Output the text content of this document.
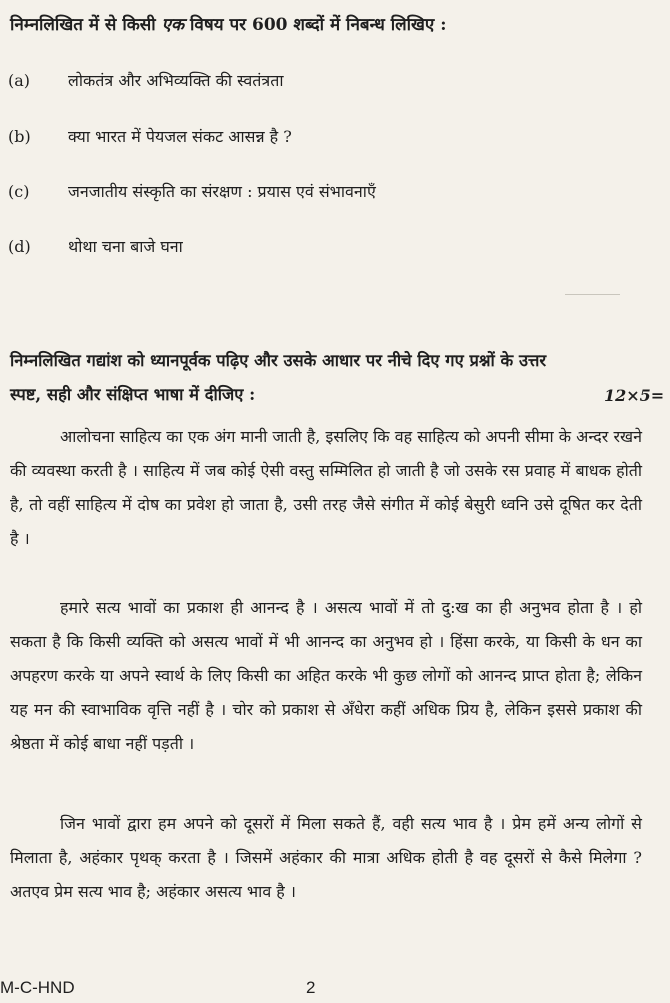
निम्नलिखित में से किसी एक विषय पर 600 शब्दों में निबन्ध लिखिए :
(a) लोकतंत्र और अभिव्यक्ति की स्वतंत्रता
(b) क्या भारत में पेयजल संकट आसन्न है ?
(c) जनजातीय संस्कृति का संरक्षण : प्रयास एवं संभावनाएँ
(d) थोथा चना बाजे घना
निम्नलिखित गद्यांश को ध्यानपूर्वक पढ़िए और उसके आधार पर नीचे दिए गए प्रश्नों के उत्तर
स्पष्ट, सही और संक्षिप्त भाषा में दीजिए :	12×5=

आलोचना साहित्य का एक अंग मानी जाती है, इसलिए कि वह साहित्य को अपनी सीमा के अन्दर रखने की व्यवस्था करती है । साहित्य में जब कोई ऐसी वस्तु सम्मिलित हो जाती है जो उसके रस प्रवाह में बाधक होती है, तो वहीं साहित्य में दोष का प्रवेश हो जाता है, उसी तरह जैसे संगीत में कोई बेसुरी ध्वनि उसे दूषित कर देती है ।

हमारे सत्य भावों का प्रकाश ही आनन्द है । असत्य भावों में तो दु:ख का ही अनुभव होता है । हो सकता है कि किसी व्यक्ति को असत्य भावों में भी आनन्द का अनुभव हो । हिंसा करके, या किसी के धन का अपहरण करके या अपने स्वार्थ के लिए किसी का अहित करके भी कुछ लोगों को आनन्द प्राप्त होता है; लेकिन यह मन की स्वाभाविक वृत्ति नहीं है । चोर को प्रकाश से अँधेरा कहीं अधिक प्रिय है, लेकिन इससे प्रकाश की श्रेष्ठता में कोई बाधा नहीं पड़ती ।

जिन भावों द्वारा हम अपने को दूसरों में मिला सकते हैं, वही सत्य भाव है । प्रेम हमें अन्य लोगों से मिलाता है, अहंकार पृथक् करता है । जिसमें अहंकार की मात्रा अधिक होती है वह दूसरों से कैसे मिलेगा ? अतएव प्रेम सत्य भाव है; अहंकार असत्य भाव है ।

M-C-HND	2
